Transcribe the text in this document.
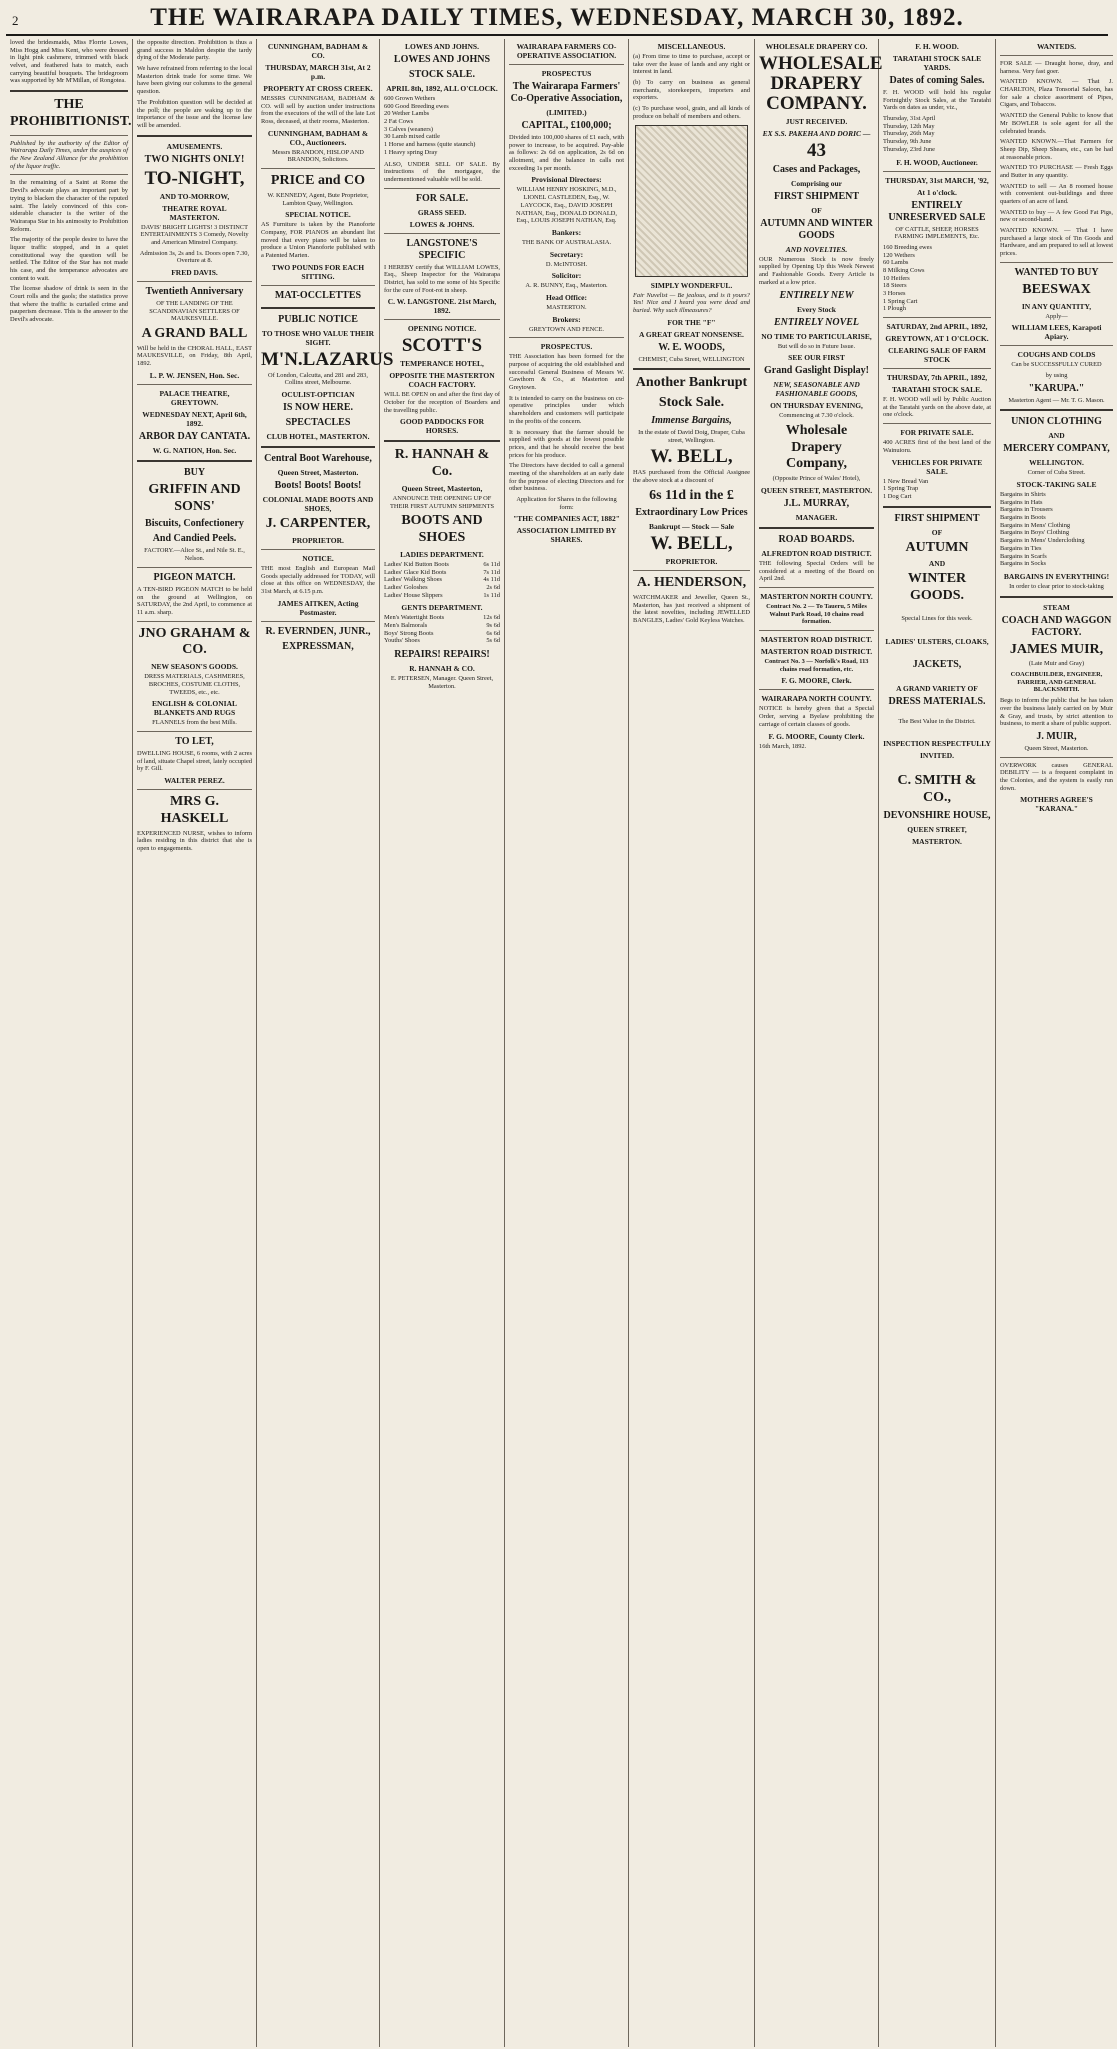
2	THE WAIRARAPA DAILY TIMES, WEDNESDAY, MARCH 30, 1892.

loved the bridesmaids, Miss Florrie Lowes, Miss Hogg and Miss Kent, who were dressed in light pink cashmere, trimmed with black velvet, and feathered hats to match, each carrying beautiful bouquets. The bridegroom was supported by Mr M'Millan, of Rongotea.

THE PROHIBITIONIST.

Published by the authority of the Editor of Wairarapa Daily Times, under the auspices of the New Zealand Alliance for the prohibition of the liquor traffic.

In the remaining of a Saint at Rome the Devil's advocate plays an important part by trying to blacken the character of the reputed saint. The lately convinced of this con- siderable character is the writer of the Wairarapa Star in his animosity to Prohibition Reform.

The majority of the people desire to have the liquor traffic stopped, and in a quiet constitutional way the question will be settled. The Editor of the Star has not made his case, and the temperance advocates are content to wait.

The license shadow of drink is seen in the Court rolls and the gaols; the statistics prove that where the traffic is curtailed crime and pauperism decrease. This is the answer to the Devil's advocate.

the opposite direction. Prohibition is thus a grand success in Maldon despite the tardy dying of the Moderate party.

We have refrained from referring to the local Masterton drink trade for some time. We have been giving our columns to the general question.

The Prohibition question will be decided at the poll; the people are waking up to the importance of the issue and the license law will be amended.

AMUSEMENTS.
TWO NIGHTS ONLY!
TO-NIGHT,
AND TO-MORROW,
THEATRE ROYAL MASTERTON.

DAVIS' BRIGHT LIGHTS! 3 DISTINCT ENTERTAINMENTS 3 Comedy, Novelty and American Minstrel Company.

Admission 3s, 2s and 1s. Doors open 7.30, Overture at 8.

FRED DAVIS.
Twentieth Anniversary

OF THE LANDING OF THE SCANDINAVIAN SETTLERS OF MAUKESVILLE.

A GRAND BALL

Will be held in the CHORAL HALL, EAST MAUKESVILLE, on Friday, 8th April, 1892.

L. P. W. JENSEN, Hon. Sec.
PALACE THEATRE, GREYTOWN.
WEDNESDAY NEXT, April 6th, 1892.
ARBOR DAY CANTATA.
W. G. NATION, Hon. Sec.
BUY
GRIFFIN AND SONS'
Biscuits, Confectionery
And Candied Peels.

FACTORY.—Alice St., and Nile St. E., Nelson.

PIGEON MATCH.

A TEN-BIRD PIGEON MATCH to be held on the ground at Wellington, on SATURDAY, the 2nd April, to commence at 11 a.m. sharp.

JNO GRAHAM & CO.
NEW SEASON'S GOODS.

DRESS MATERIALS, CASHMERES, BROCHES, COSTUME CLOTHS, TWEEDS, etc., etc.

ENGLISH & COLONIAL BLANKETS AND RUGS

FLANNELS from the best Mills.

TO LET,

DWELLING HOUSE, 6 rooms, with 2 acres of land, situate Chapel street, lately occupied by F. Gill.

WALTER PEREZ.
MRS G. HASKELL

EXPERIENCED NURSE, wishes to inform ladies residing in this district that she is open to engagements.

CUNNINGHAM, BADHAM & CO.
THURSDAY, MARCH 31st, At 2 p.m.
PROPERTY AT CROSS CREEK.

MESSRS CUNNINGHAM, BADHAM & CO. will sell by auction under instructions from the executors of the will of the late Lot Ross, deceased, at their rooms, Masterton.

CUNNINGHAM, BADHAM & CO., Auctioneers.

Messrs BRANDON, HISLOP AND BRANDON, Solicitors.

PRICE and CO

W. KENNEDY, Agent, Bute Proprietor, Lambton Quay, Wellington.

SPECIAL NOTICE.

AS Furniture is taken by the Pianoforte Company, FOR PIANOS an abundant list moved that every piano will be taken to produce a Union Pianoforte published with a Patented Marten.

TWO POUNDS FOR EACH SITTING.
MAT-OCCLETTES
PUBLIC NOTICE
TO THOSE WHO VALUE THEIR SIGHT.
M'N.LAZARUS

Of London, Calcutta, and 281 and 283, Collins street, Melbourne.

OCULIST-OPTICIAN
IS NOW HERE.
SPECTACLES
CLUB HOTEL, MASTERTON.
Central Boot Warehouse,
Queen Street, Masterton.
Boots! Boots! Boots!
COLONIAL MADE BOOTS AND SHOES,
J. CARPENTER,
PROPRIETOR.
NOTICE.

THE most English and European Mail Goods specially addressed for TODAY, will close at this office on WEDNESDAY, the 31st March, at 6.15 p.m.

JAMES AITKEN, Acting Postmaster.
R. EVERNDEN, JUNR.,
EXPRESSMAN,
LOWES AND JOHNS.
LOWES AND JOHNS
STOCK SALE.
APRIL 8th, 1892, ALL O'CLOCK.
600 Grown Wethers
600 Good Breeding ewes
20 Wether Lambs
2 Fat Cows
3 Calves (weaners)
30 Lamb mixed cattle
1 Horse and harness (quite staunch)
1 Heavy spring Dray

ALSO, UNDER SELL OF SALE. By instructions of the mortgagee, the undermentioned valuable will be sold.

FOR SALE.
GRASS SEED.
LOWES & JOHNS.
LANGSTONE'S SPECIFIC

I HEREBY certify that WILLIAM LOWES, Esq., Sheep Inspector for the Wairarapa District, has sold to me some of his Specific for the cure of Foot-rot in sheep.

C. W. LANGSTONE. 21st March, 1892.
OPENING NOTICE.
SCOTT'S
TEMPERANCE HOTEL,
OPPOSITE THE MASTERTON COACH FACTORY.

WILL BE OPEN on and after the first day of October for the reception of Boarders and the travelling public.

GOOD PADDOCKS FOR HORSES.
R. HANNAH & Co.
Queen Street, Masterton,

ANNOUNCE THE OPENING UP OF THEIR FIRST AUTUMN SHIPMENTS

BOOTS AND SHOES
LADIES DEPARTMENT.
Ladies' Kid Button Boots	6s 11d
Ladies' Glace Kid Boots	7s 11d
Ladies' Walking Shoes	4s 11d
Ladies' Goloshes	2s 6d
Ladies' House Slippers	1s 11d
GENTS DEPARTMENT.
Men's Watertight Boots	12s 6d
Men's Balmorals	9s 6d
Boys' Strong Boots	6s 6d
Youths' Shoes	5s 6d
REPAIRS! REPAIRS!
R. HANNAH & CO.

E. PETERSEN, Manager. Queen Street, Masterton.

WAIRARAPA FARMERS CO-OPERATIVE ASSOCIATION.
PROSPECTUS
The Wairarapa Farmers' Co-Operative Association,
(LIMITED.)
CAPITAL, £100,000;

Divided into 100,000 shares of £1 each, with power to increase, to be acquired. Pay-able as follows: 2s 6d on application, 2s 6d on allotment, and the balance in calls not exceeding 1s per month.

Provisional Directors:

WILLIAM HENRY HOSKING, M.D., LIONEL CASTLEDEN, Esq., W. LAYCOCK, Esq., DAVID JOSEPH NATHAN, Esq., DONALD DONALD, Esq., LOUIS JOSEPH NATHAN, Esq.

Bankers:

THE BANK OF AUSTRALASIA.

Secretary:

D. McINTOSH.

Solicitor:

A. R. BUNNY, Esq., Masterton.

Head Office:

MASTERTON.

Brokers:

GREYTOWN AND FENCE.

PROSPECTUS.

THE Association has been formed for the purpose of acquiring the old established and successful General Business of Messrs W. Cawthorn & Co., at Masterton and Greytown.

It is intended to carry on the business on co-operative principles under which shareholders and customers will participate in the profits of the concern.

It is necessary that the farmer should be supplied with goods at the lowest possible prices, and that he should receive the best prices for his produce.

The Directors have decided to call a general meeting of the shareholders at an early date for the purpose of electing Directors and for other business.

Application for Shares in the following form:

"THE COMPANIES ACT, 1882"
ASSOCIATION LIMITED BY SHARES.
MISCELLANEOUS.

(a) From time to time to purchase, accept or take over the lease of lands and any right or interest in land.

(b) To carry on business as general merchants, storekeepers, importers and exporters.

(c) To purchase wool, grain, and all kinds of produce on behalf of members and others.

SIMPLY WONDERFUL.

Fair Nuvelist — Be jealous, and is it yours? Yes! Nice and I heard you were dead and buried. Why such illmeasures?

FOR THE "F"
A GREAT GREAT NONSENSE.
W. E. WOODS,

CHEMIST, Cuba Street, WELLINGTON

Another Bankrupt
Stock Sale.
Immense Bargains,

In the estate of David Doig, Draper, Cuba street, Wellington.

W. BELL,

HAS purchased from the Official Assignee the above stock at a discount of

6s 11d in the £
Extraordinary Low Prices
Bankrupt — Stock — Sale
W. BELL,
PROPRIETOR.
A. HENDERSON,

WATCHMAKER and Jeweller, Queen St., Masterton, has just received a shipment of the latest novelties, including JEWELLED BANGLES, Ladies' Gold Keyless Watches.

WHOLESALE DRAPERY CO.
WHOLESALE DRAPERY COMPANY.
JUST RECEIVED.
EX S.S. PAKEHA AND DORIC —
43
Cases and Packages,
Comprising our
FIRST SHIPMENT
OF
AUTUMN AND WINTER GOODS
AND NOVELTIES.

OUR Numerous Stock is now freely supplied by Opening Up this Week Newest and Fashionable Goods. Every Article is marked at a low price.

ENTIRELY NEW
Every Stock
ENTIRELY NOVEL
NO TIME TO PARTICULARISE,

But will do so in Future Issue.

SEE OUR FIRST
Grand Gaslight Display!
NEW, SEASONABLE AND FASHIONABLE GOODS,
ON THURSDAY EVENING,

Commencing at 7.30 o'clock.

Wholesale Drapery Company,

(Opposite Prince of Wales' Hotel),

QUEEN STREET, MASTERTON.
J.L. MURRAY,
MANAGER.
ROAD BOARDS.
ALFREDTON ROAD DISTRICT.

THE following Special Orders will be considered at a meeting of the Board on April 2nd.

MASTERTON NORTH COUNTY.

Contract No. 2 — To Taueru, 5 Miles Walnut Park Road, 10 chains road formation.

MASTERTON ROAD DISTRICT.
MASTERTON ROAD DISTRICT.

Contract No. 3 — Norfolk's Road, 113 chains road formation, etc.

F. G. MOORE, Clerk.
WAIRARAPA NORTH COUNTY.

NOTICE is hereby given that a Special Order, serving a Byelaw prohibiting the carriage of certain classes of goods.

F. G. MOORE, County Clerk.

16th March, 1892.

F. H. WOOD.
TARATAHI STOCK SALE YARDS.
Dates of coming Sales.

F. H. WOOD will hold his regular Fortnightly Stock Sales, at the Taratahi Yards on dates as under, viz.,

Thursday, 31st April
Thursday, 12th May
Thursday, 26th May
Thursday, 9th June
Thursday, 23rd June
F. H. WOOD, Auctioneer.
THURSDAY, 31st MARCH, '92,
At 1 o'clock.
ENTIRELY UNRESERVED SALE

OF CATTLE, SHEEP, HORSES FARMING IMPLEMENTS, Etc.

160 Breeding ewes
120 Wethers
60 Lambs
8 Milking Cows
10 Heifers
18 Steers
3 Horses
1 Spring Cart
1 Plough
SATURDAY, 2nd APRIL, 1892,
GREYTOWN, AT 1 O'CLOCK.
CLEARING SALE OF FARM STOCK
THURSDAY, 7th APRIL, 1892,
TARATAHI STOCK SALE.

F. H. WOOD will sell by Public Auction at the Taratahi yards on the above date, at one o'clock.

FOR PRIVATE SALE.

400 ACRES first of the best land of the Wainuioru.

VEHICLES FOR PRIVATE SALE.
1 New Bread Van
1 Spring Trap
1 Dog Cart
FIRST SHIPMENT
OF
AUTUMN
AND
WINTER GOODS.

Special Lines for this week.

LADIES' ULSTERS, CLOAKS,
JACKETS,
A GRAND VARIETY OF
DRESS MATERIALS.

The Best Value in the District.

INSPECTION RESPECTFULLY
INVITED.
C. SMITH & CO.,
DEVONSHIRE HOUSE,
QUEEN STREET,
MASTERTON.
WANTEDS.

FOR SALE — Draught horse, dray, and harness. Very fast goer.

WANTED KNOWN. — That J. CHARLTON, Plaza Tonsorial Saloon, has for sale a choice assortment of Pipes, Cigars, and Tobaccos.

WANTED the General Public to know that Mr BOWLER is sole agent for all the celebrated brands.

WANTED KNOWN.—That Farmers for Sheep Dip, Sheep Shears, etc., can be had at reasonable prices.

WANTED TO PURCHASE — Fresh Eggs and Butter in any quantity.

WANTED to sell — An 8 roomed house with convenient out-buildings and three quarters of an acre of land.

WANTED to buy — A few Good Fat Pigs, new or second-hand.

WANTED KNOWN. — That I have purchased a large stock of Tin Goods and Hardware, and am prepared to sell at lowest prices.

WANTED TO BUY
BEESWAX
IN ANY QUANTITY,

Apply—

WILLIAM LEES, Karapoti Apiary.
COUGHS AND COLDS

Can be SUCCESSFULLY CURED

by using

"KARUPA."

Masterton Agent — Mr. T. G. Mason.

UNION CLOTHING
AND
MERCERY COMPANY,
WELLINGTON.

Corner of Cuba Street.

STOCK-TAKING SALE
Bargains in Shirts
Bargains in Hats
Bargains in Trousers
Bargains in Boots
Bargains in Mens' Clothing
Bargains in Boys' Clothing
Bargains in Mens' Underclothing
Bargains in Ties
Bargains in Scarfs
Bargains in Socks
BARGAINS IN EVERYTHING!

In order to clear prior to stock-taking

STEAM
COACH AND WAGGON FACTORY.
JAMES MUIR,

(Late Muir and Gray)

COACHBUILDER, ENGINEER, FARRIER, AND GENERAL BLACKSMITH.

Begs to inform the public that he has taken over the business lately carried on by Muir & Gray, and trusts, by strict attention to business, to merit a share of public support.

J. MUIR,

Queen Street, Masterton.

OVERWORK causes GENERAL DEBILITY — is a frequent complaint in the Colonies, and the system is easily run down.

MOTHERS AGREE'S "KARANA."
